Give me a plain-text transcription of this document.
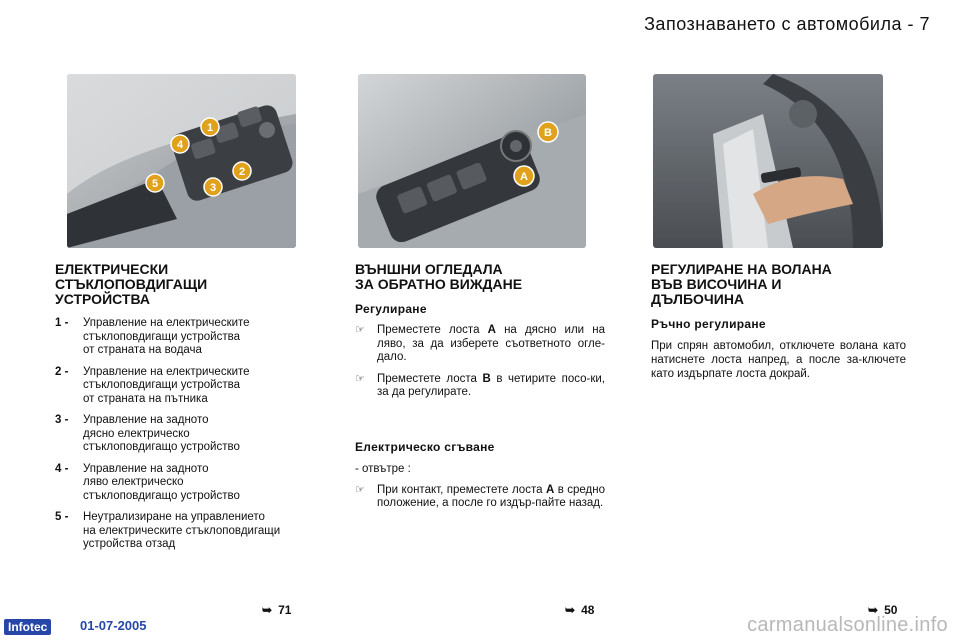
Запознаването с автомобила - 7
1
2
3
4
5
B
A
ЕЛЕКТРИЧЕСКИ
СТЪКЛОПОВДИГАЩИ
УСТРОЙСТВА
1 -	Управление на електрическите
стъклоповдигащи устройства
от страната на водача
2 -	Управление на електрическите
стъклоповдигащи устройства
от страната на пътника
3 -	Управление на задното
дясно електрическо
стъклоповдигащо устройство
4 -	Управление на задното
ляво електрическо
стъклоповдигащо устройство
5 -	Неутрализиране на управлението
на електрическите стъклоповдигащи
устройства отзад
ВЪНШНИ ОГЛЕДАЛА
ЗА ОБРАТНО ВИЖДАНЕ
Регулиране
☞	Преместете лоста A на дясно или на ляво, за да изберете съответното огле-дало.
☞	Преместете лоста B в четирите посо-ки, за да регулирате.
Електрическо сгъване
- отвътре :
☞	При контакт, преместете лоста A в средно положение, а после го издър-пайте назад.
РЕГУЛИРАНЕ НА ВОЛАНА
ВЪВ ВИСОЧИНА И
ДЪЛБОЧИНА
Ръчно регулиране
При спрян автомобил, отключете волана като натиснете лоста напред, а после за-ключете като издърпате лоста докрай.
➥ 71	➥ 48	➥ 50
Infotec	01-07-2005	carmanualsonline.info
